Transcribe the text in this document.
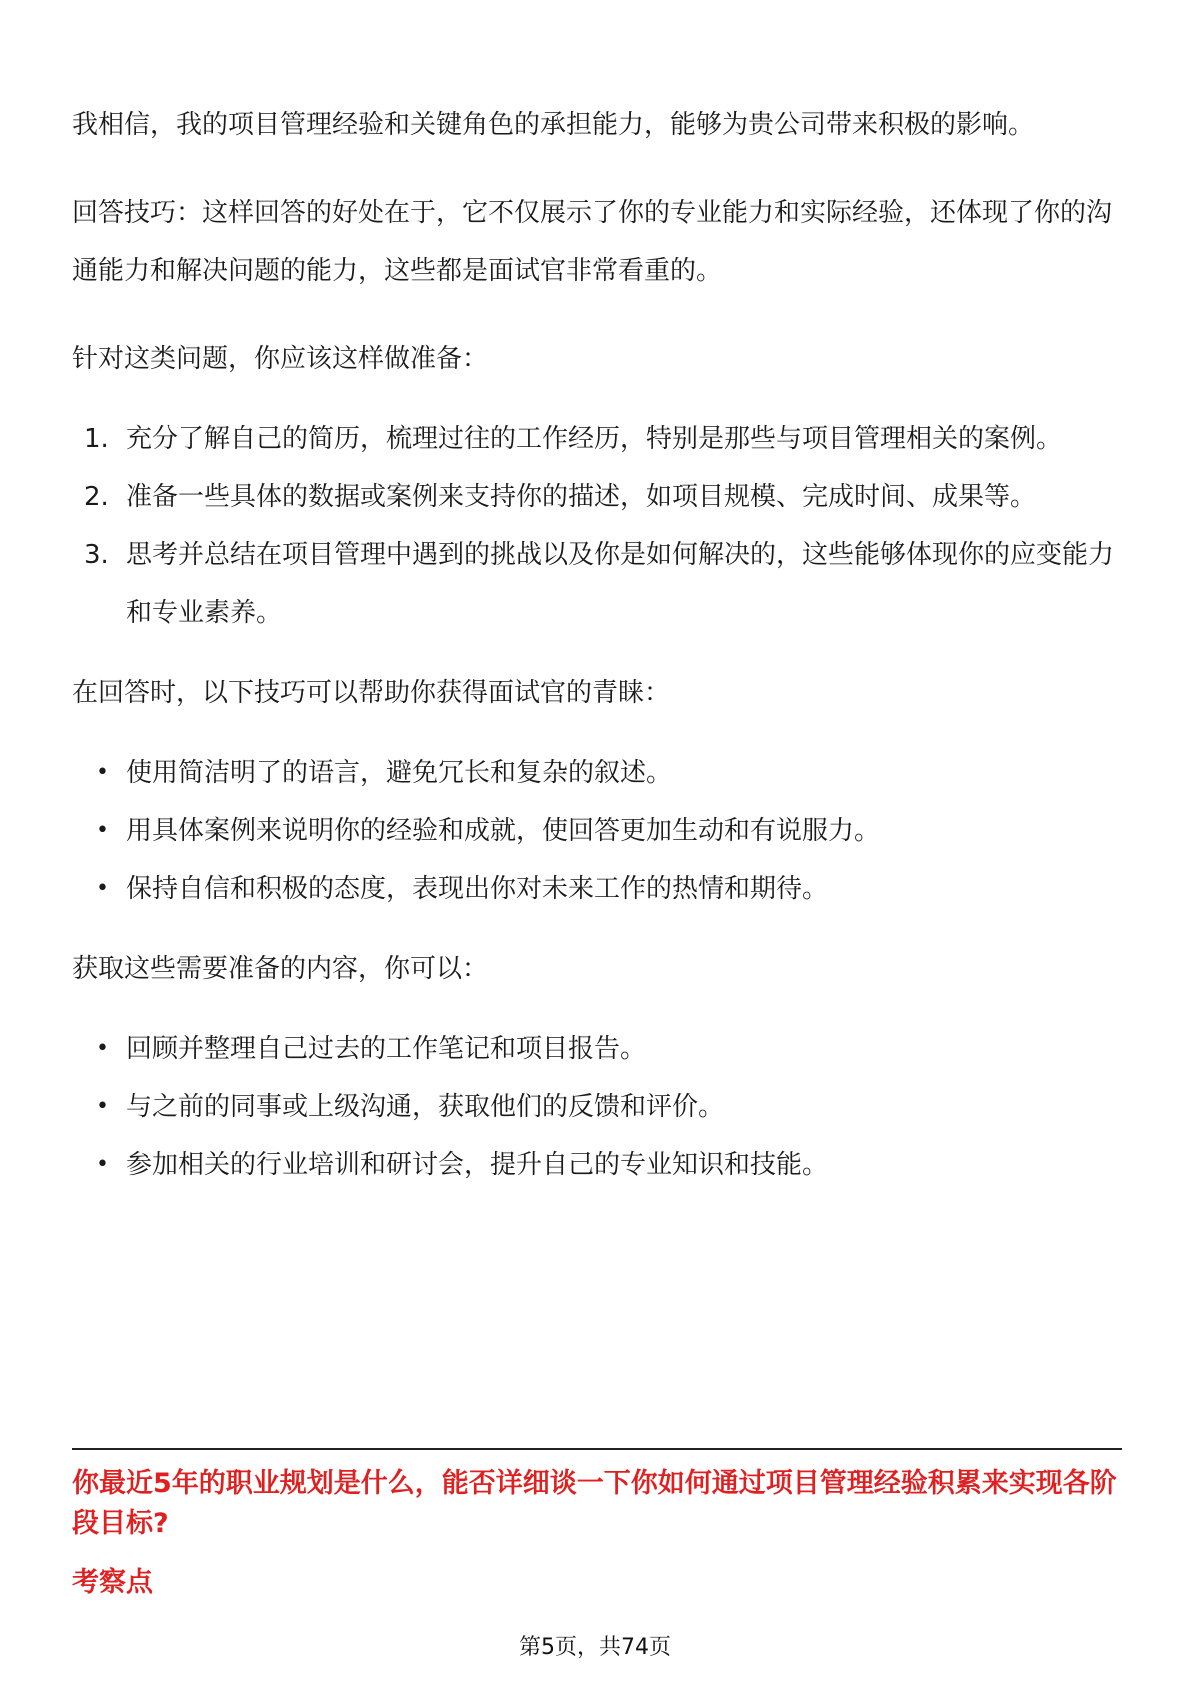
我相信，我的项目管理经验和关键角色的承担能力，能够为贵公司带来积极的影响。

回答技巧：这样回答的好处在于，它不仅展示了你的专业能力和实际经验，还体现了你的沟通能力和解决问题的能力，这些都是面试官非常看重的。

针对这类问题，你应该这样做准备：

1. 充分了解自己的简历，梳理过往的工作经历，特别是那些与项目管理相关的案例。
2. 准备一些具体的数据或案例来支持你的描述，如项目规模、完成时间、成果等。
3. 思考并总结在项目管理中遇到的挑战以及你是如何解决的，这些能够体现你的应变能力和专业素养。

在回答时，以下技巧可以帮助你获得面试官的青睐：

• 使用简洁明了的语言，避免冗长和复杂的叙述。
• 用具体案例来说明你的经验和成就，使回答更加生动和有说服力。
• 保持自信和积极的态度，表现出你对未来工作的热情和期待。

获取这些需要准备的内容，你可以：

• 回顾并整理自己过去的工作笔记和项目报告。
• 与之前的同事或上级沟通，获取他们的反馈和评价。
• 参加相关的行业培训和研讨会，提升自己的专业知识和技能。

你最近5年的职业规划是什么，能否详细谈一下你如何通过项目管理经验积累来实现各阶段目标?

考察点

第5页，共74页
